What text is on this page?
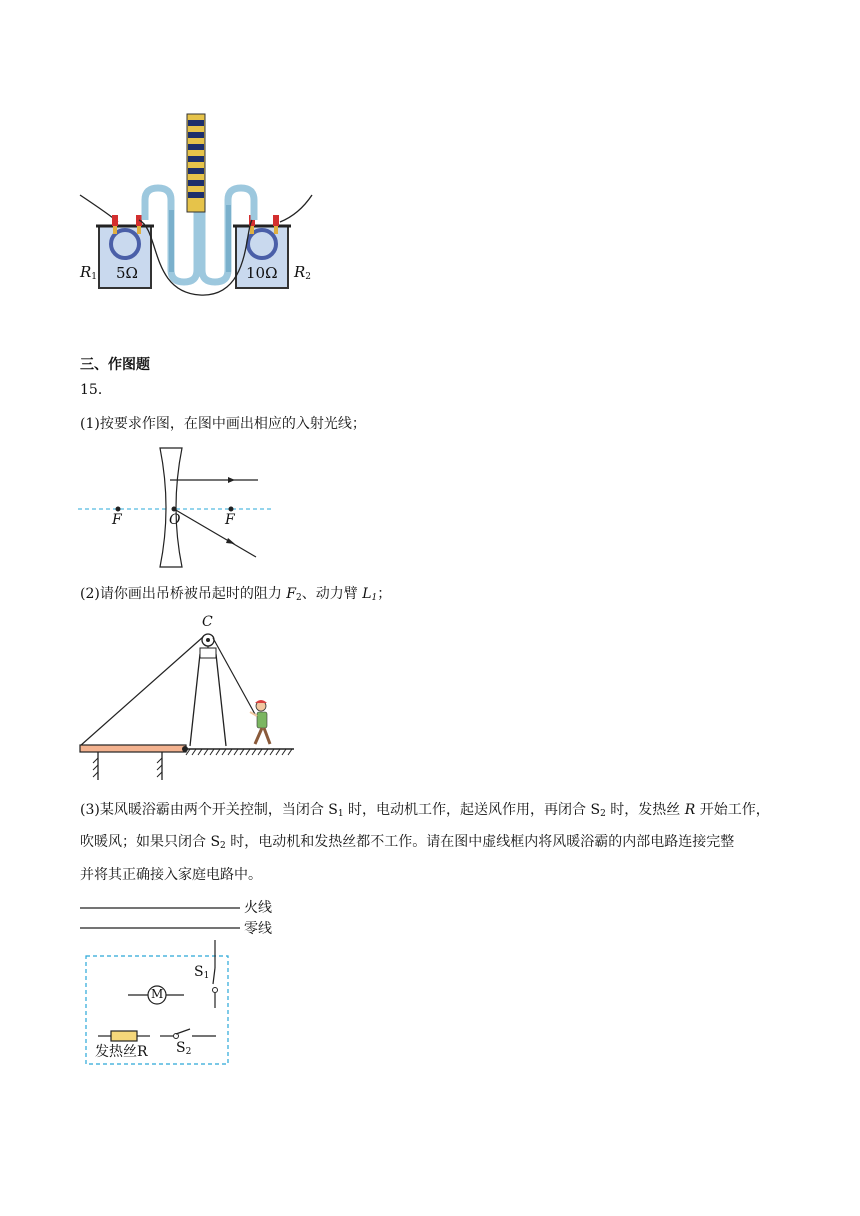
$R_1$ 5Ω	10Ω $R_2$
三、作图题
15．
(1)按要求作图，在图中画出相应的入射光线；
F	O	F
(2)请你画出吊桥被吊起时的阻力 $F_2$、动力臂 $L_1$；
C
(3)某风暖浴霸由两个开关控制，当闭合 $S_1$ 时，电动机工作，起送风作用，再闭合 $S_2$ 时，发热丝 R 开始工作，
吹暖风；如果只闭合 $S_2$ 时，电动机和发热丝都不工作。请在图中虚线框内将风暖浴霸的内部电路连接完整
并将其正确接入家庭电路中。
火线
零线
$S_1$
M
发热丝R $S_2$
